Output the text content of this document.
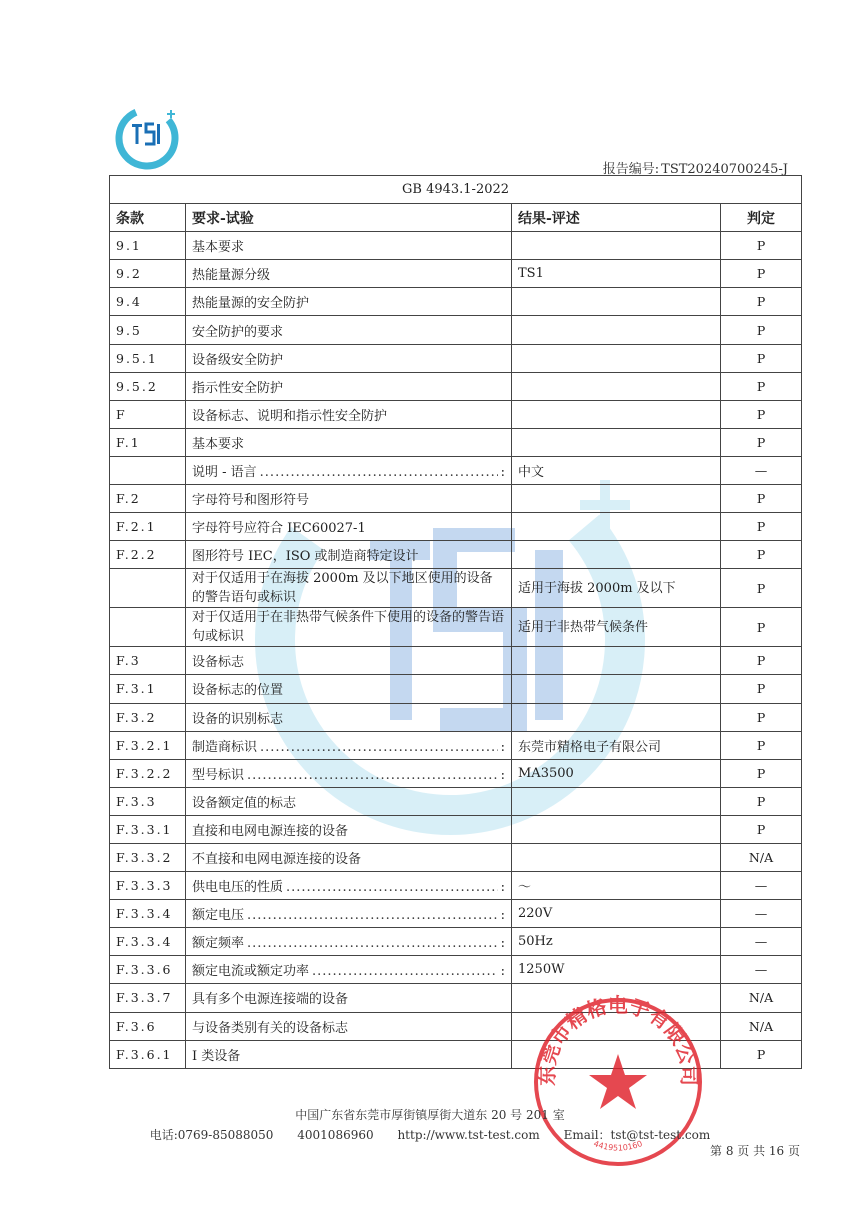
报告编号: TST20240700245-J
GB 4943.1-2022			
条款	要求-试验	结果-评述	判定
9.1	基本要求		P
9.2	热能量源分级	TS1	P
9.4	热能量源的安全防护		P
9.5	安全防护的要求		P
9.5.1	设备级安全防护		P
9.5.2	指示性安全防护		P
F	设备标志、说明和指示性安全防护		P
F.1	基本要求		P

	说明 - 语言 ..... :	中文	—
F.2	字母符号和图形符号		P
F.2.1	字母符号应符合 IEC60027-1		P
F.2.2	图形符号 IEC，ISO 或制造商特定设计		P
	对于仅适用于在海拔 2000m 及以下地区使用的设备的警告语句或标识	适用于海拔 2000m 及以下	P
	对于仅适用于在非热带气候条件下使用的设备的警告语句或标识	适用于非热带气候条件	P
F.3	设备标志		P
F.3.1	设备标志的位置		P
F.3.2	设备的识别标志		P
F.3.2.1	制造商标识 ..... :	东莞市精格电子有限公司	P
F.3.2.2	型号标识 ..... :	MA3500	P
F.3.3	设备额定值的标志		P
F.3.3.1	直接和电网电源连接的设备		P
F.3.3.2	不直接和电网电源连接的设备		N/A
F.3.3.3	供电电压的性质 ..... :	～	—
F.3.3.4	额定电压 ..... :	220V	—
F.3.3.4	额定频率 ..... :	50Hz	—
F.3.3.6	额定电流或额定功率 ..... :	1250W	—
F.3.3.7	具有多个电源连接端的设备		N/A
F.3.6	与设备类别有关的设备标志		N/A
F.3.6.1	I 类设备		P
东莞市精格电子有限公司
4419510160
中国广东省东莞市厚街镇厚街大道东 20 号 201 室
电话:0769-85088050 4001086960 http://www.tst-test.com Email：tst@tst-test.com
第 8 页 共 16 页
